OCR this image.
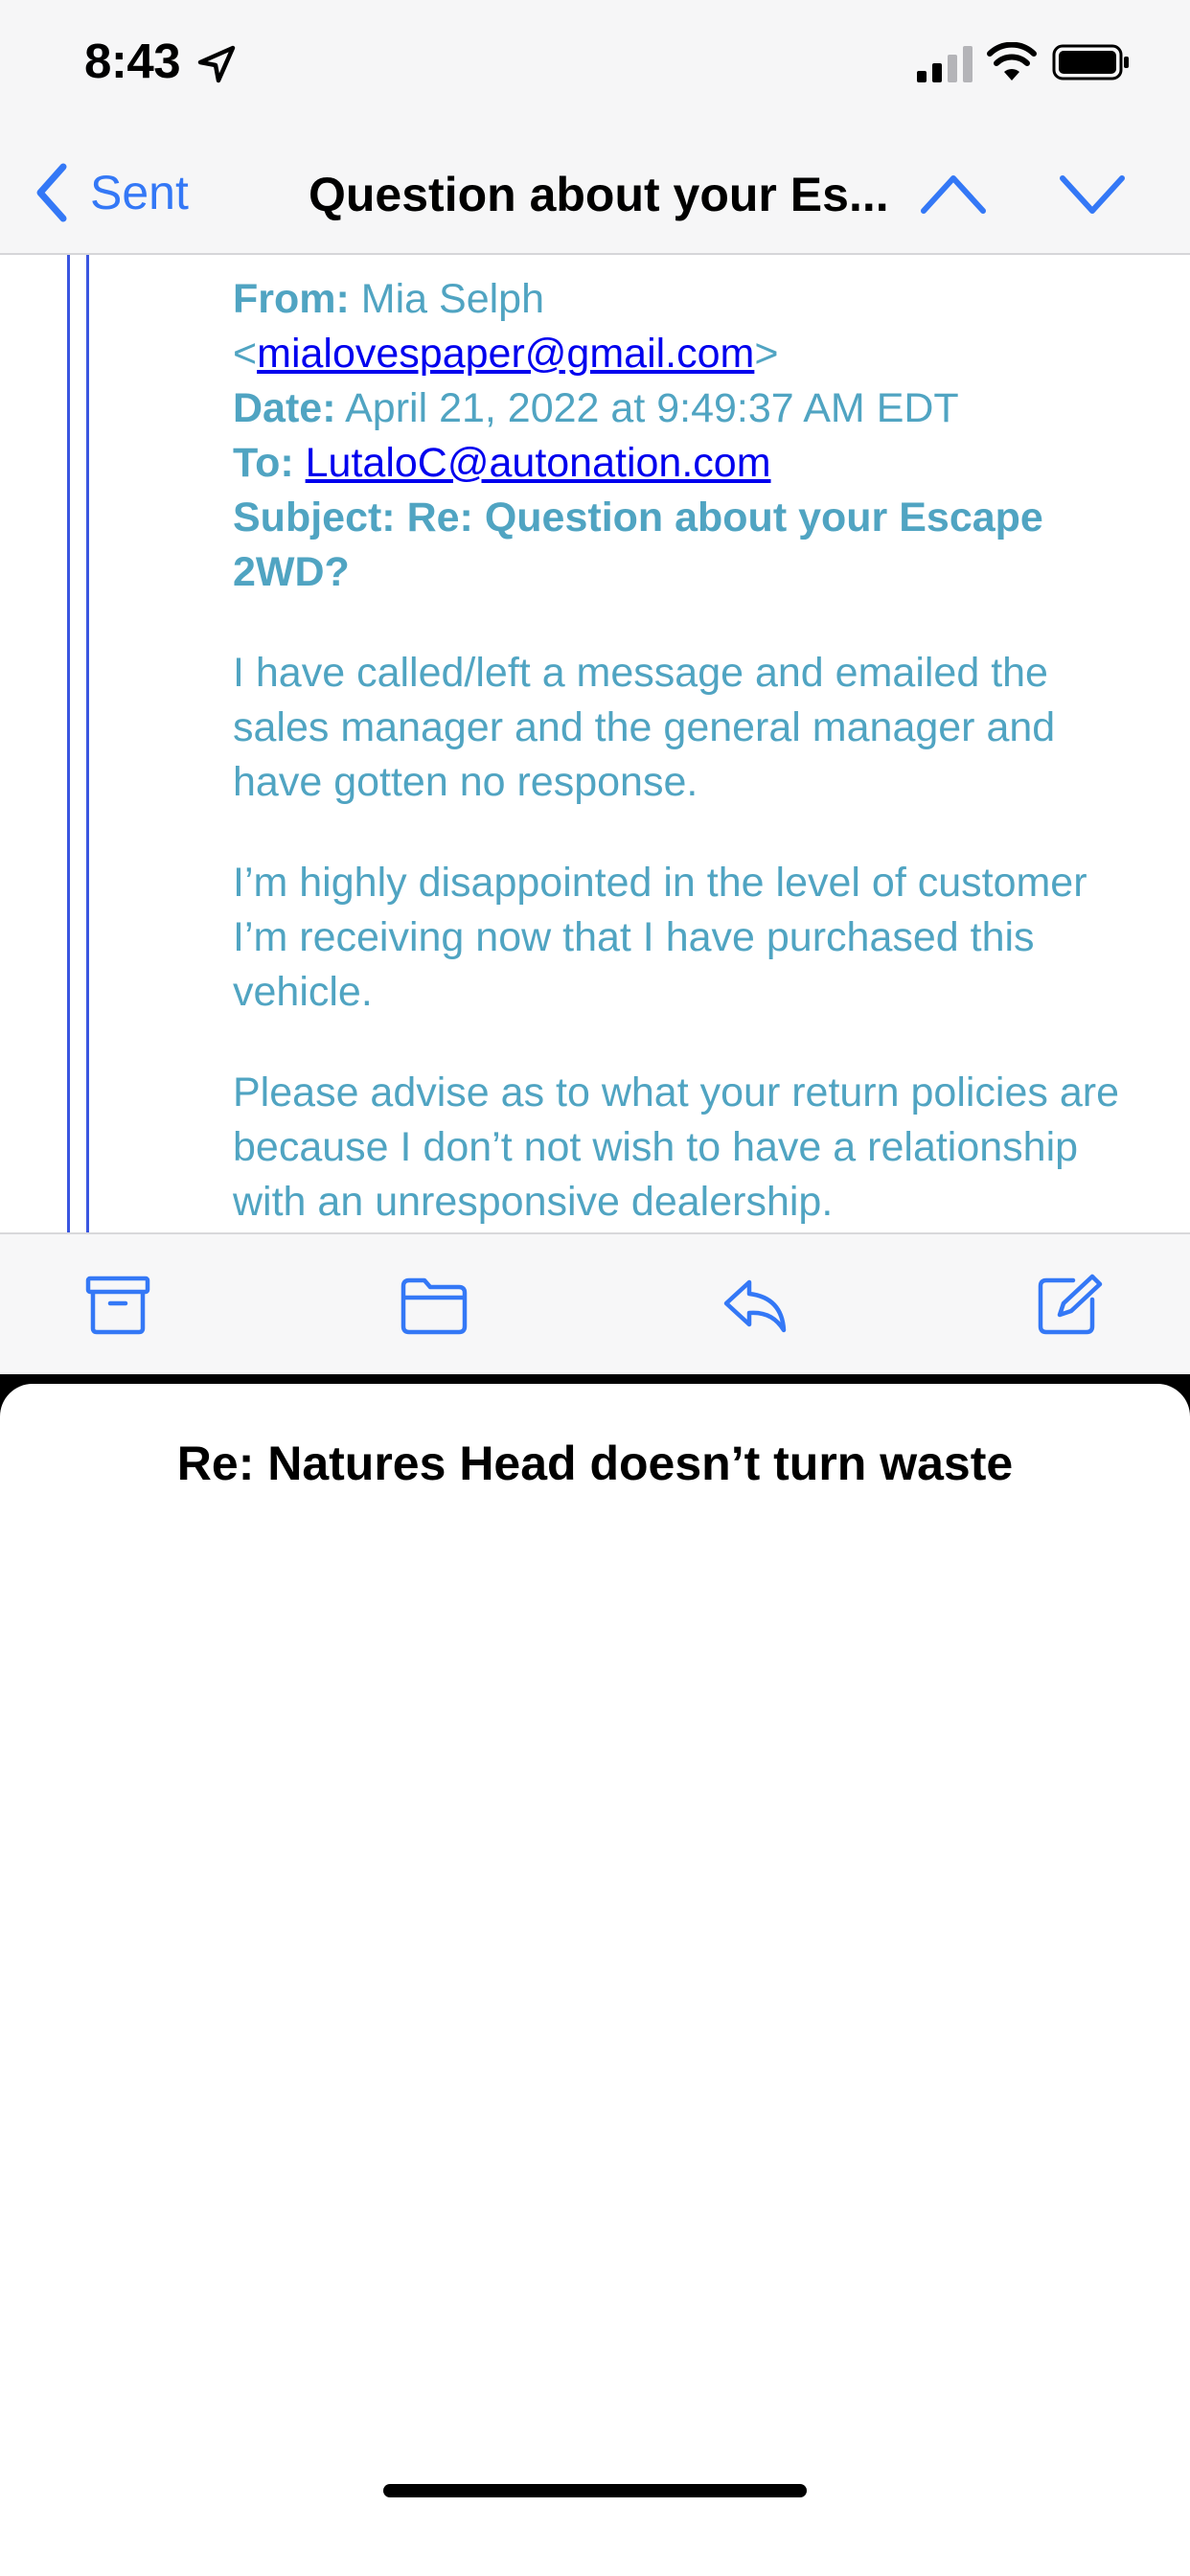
8:43
Sent	Question about your Es...
From: Mia Selph
<mialovespaper@gmail.com>
Date: April 21, 2022 at 9:49:37 AM EDT
To: LutaloC@autonation.com
Subject: Re: Question about your Escape 2WD?

I have called/left a message and emailed the sales manager and the general manager and have gotten no response.

I’m highly disappointed in the level of customer I’m receiving now that I have purchased this vehicle.

Please advise as to what your return policies are because I don’t not wish to have a relationship with an unresponsive dealership.

Re: Natures Head doesn’t turn waste
